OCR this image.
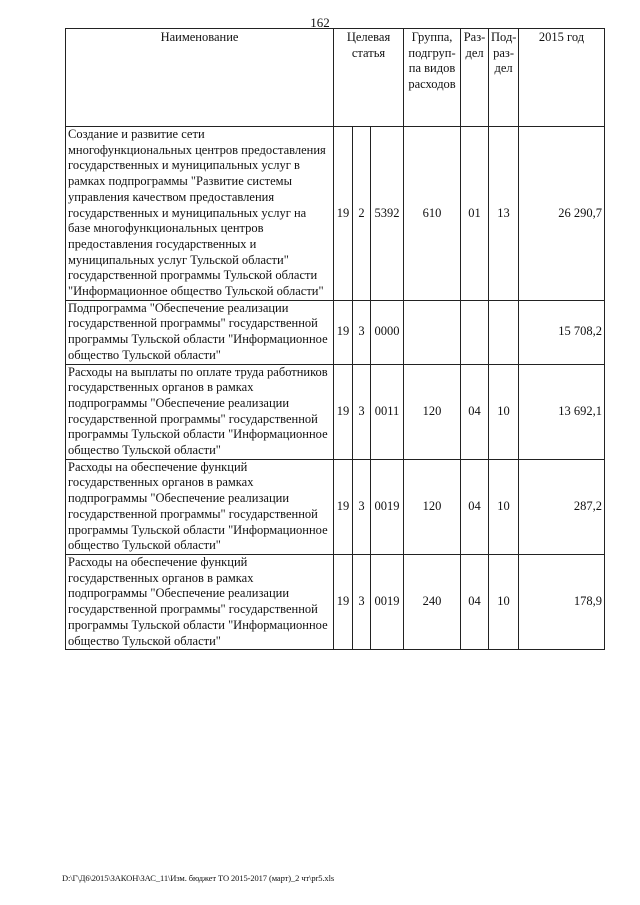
162
Наименование	Целевая статья			Группа, подгруп-па видов расходов	Раз-дел	Под-раз-дел	2015 год
Создание и развитие сети многофункциональных центров предоставления государственных и муниципальных услуг в рамках подпрограммы "Развитие системы управления качеством предоставления государственных и муниципальных услуг на базе многофункциональных центров предоставления государственных и муниципальных услуг Тульской области" государственной программы Тульской области "Информационное общество Тульской области"	19	2	5392	610	01	13	26 290,7
Подпрограмма "Обеспечение реализации государственной программы" государственной программы Тульской области "Информационное общество Тульской области"	19	3	0000				15 708,2
Расходы на выплаты по оплате труда работников государственных органов в рамках подпрограммы "Обеспечение реализации государственной программы" государственной программы Тульской области "Информационное общество Тульской области"	19	3	0011	120	04	10	13 692,1
Расходы на обеспечение функций государственных органов в рамках подпрограммы "Обеспечение реализации государственной программы" государственной программы Тульской области "Информационное общество Тульской области"	19	3	0019	120	04	10	287,2
Расходы на обеспечение функций государственных органов в рамках подпрограммы "Обеспечение реализации государственной программы" государственной программы Тульской области "Информационное общество Тульской области"	19	3	0019	240	04	10	178,9
D:\Г\Д6\2015\ЗАКОН\ЗАС_11\Изм. бюджет ТО 2015-2017 (март)_2 чт\pr5.xls
